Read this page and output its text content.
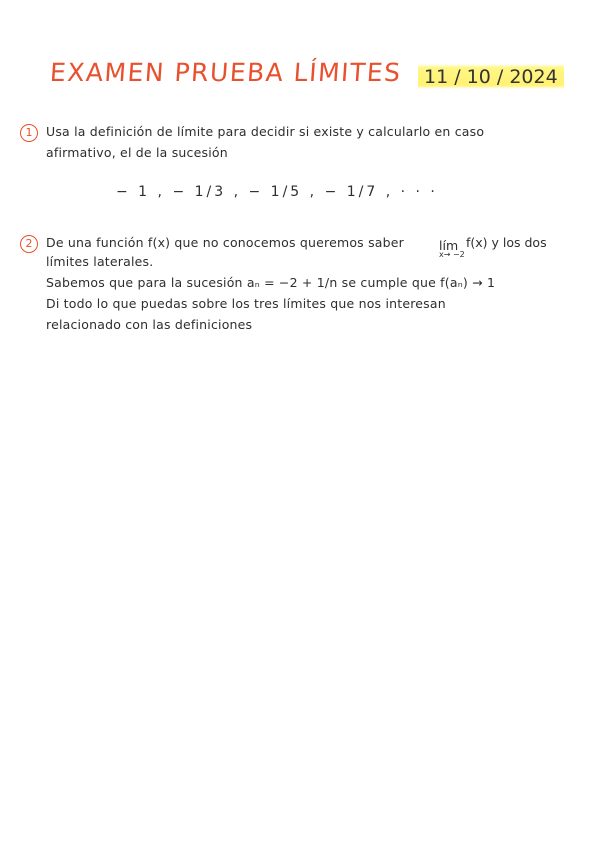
EXAMEN PRUEBA LÍMITES	11 / 10 / 2024
1	Usa la definición de límite para decidir si existe y calcularlo en caso
afirmativo, el de la sucesión
− 1 , − 1/3 , − 1/5 , − 1/7 , · · ·
2	De una función f(x) que no conocemos queremos saber	lím
x→ −2
f(x) y los dos
límites laterales.
Sabemos que para la sucesión aₙ = −2 + 1/n se cumple que f(aₙ) → 1
Di todo lo que puedas sobre los tres límites que nos interesan
relacionado con las definiciones
